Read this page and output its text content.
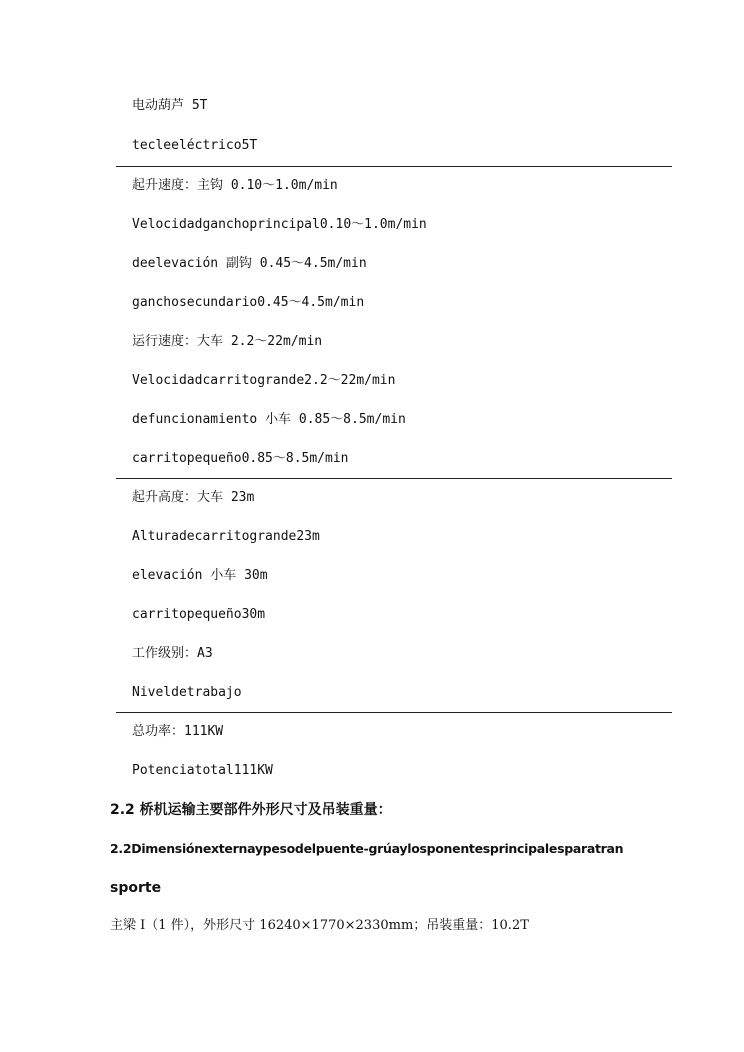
电动葫芦 5T
tecleeléctrico5T
起升速度：主钩 0.10～1.0m/min
Velocidadganchoprincipal0.10～1.0m/min
deelevación 副钩 0.45～4.5m/min
ganchosecundario0.45～4.5m/min
运行速度：大车 2.2～22m/min
Velocidadcarritogrande2.2～22m/min
defuncionamiento 小车 0.85～8.5m/min
carritopequeño0.85～8.5m/min
起升高度：大车 23m
Alturadecarritogrande23m
elevación 小车 30m
carritopequeño30m
工作级别：A3
Niveldetrabajo
总功率：111KW
Potenciatotal111KW
2.2 桥机运输主要部件外形尺寸及吊装重量：
2.2Dimensiónexternaypesodelpuente-grúaylosponentesprincipalesparatran
sporte
主梁 I（1 件），外形尺寸 16240×1770×2330mm；吊装重量：10.2T
